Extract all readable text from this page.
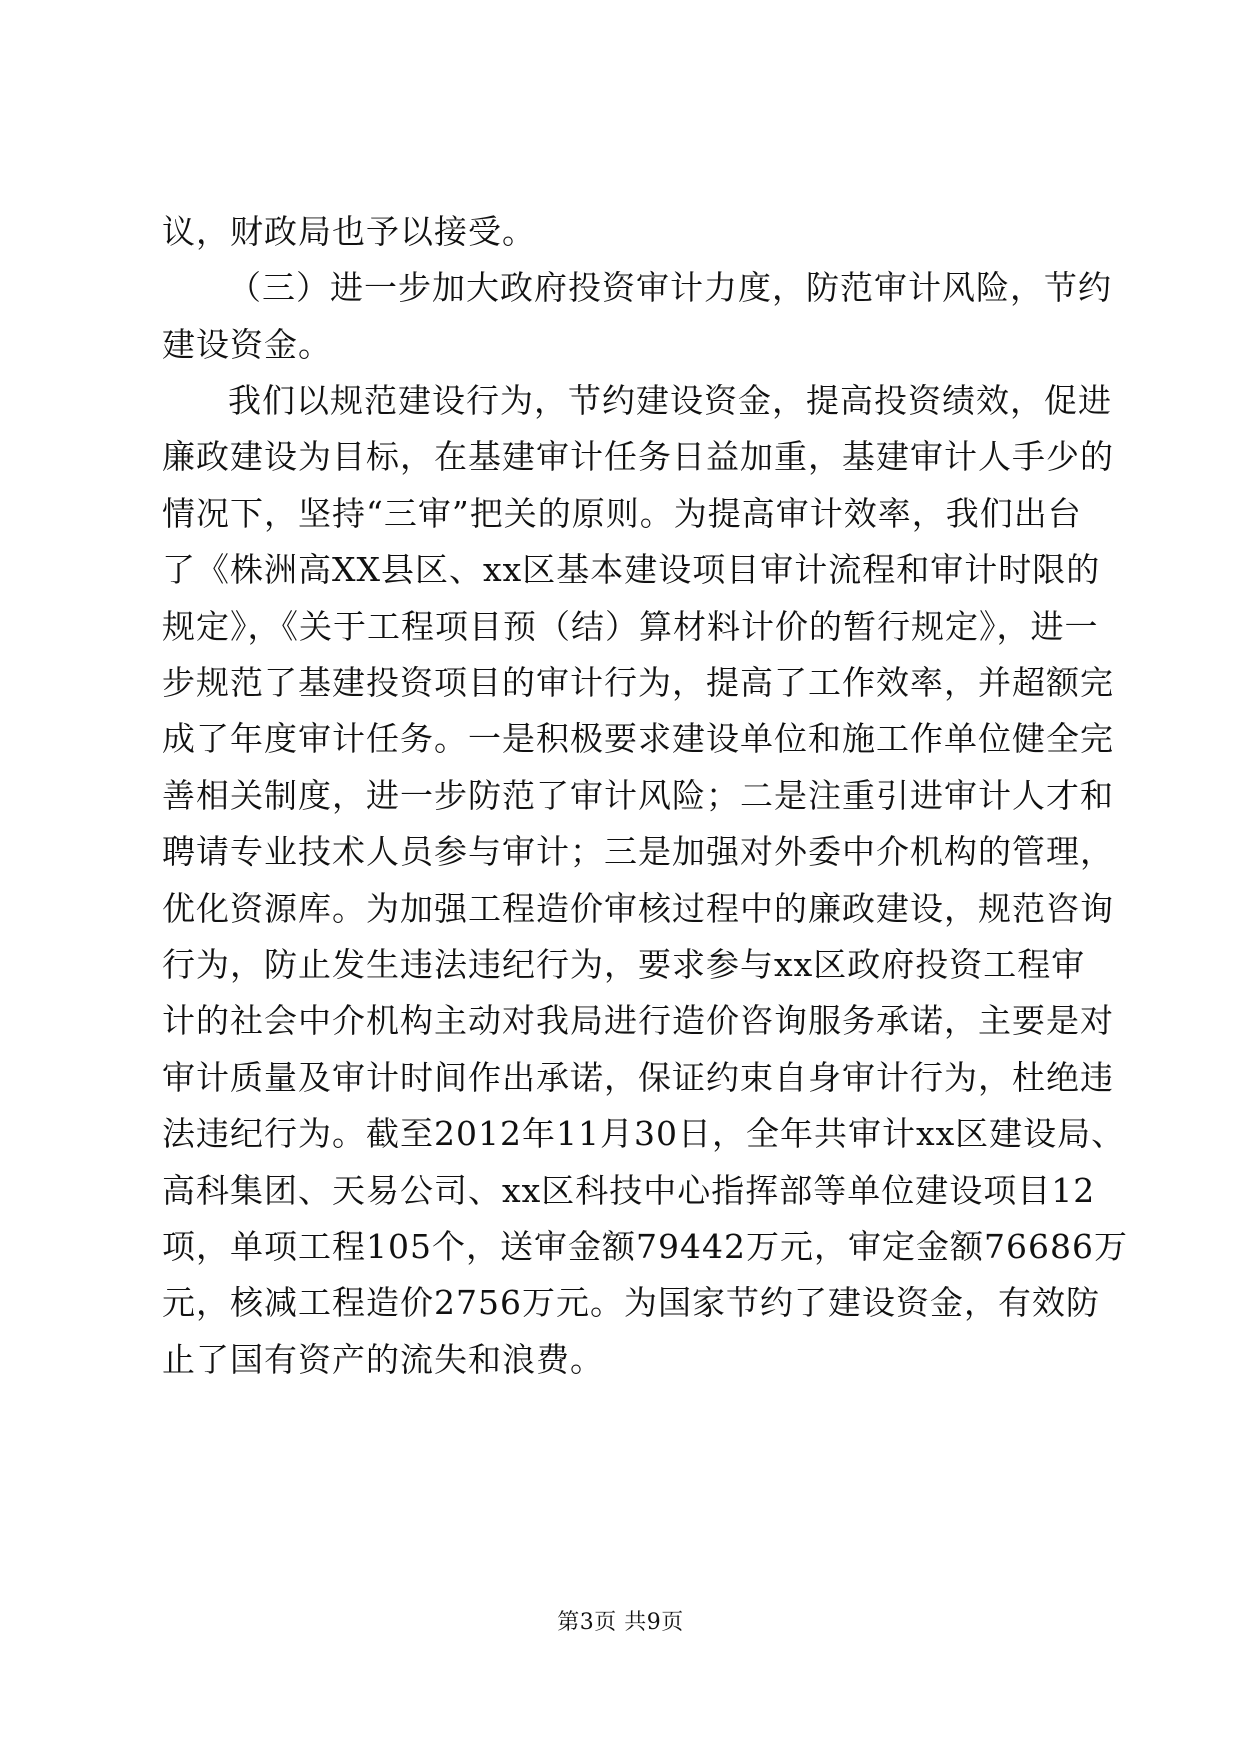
议，财政局也予以接受。
（三）进一步加大政府投资审计力度，防范审计风险，节约
建设资金。
我们以规范建设行为，节约建设资金，提高投资绩效，促进
廉政建设为目标，在基建审计任务日益加重，基建审计人手少的
情况下，坚持“三审”把关的原则。为提高审计效率，我们出台
了《株洲高XX县区、xx区基本建设项目审计流程和审计时限的
规定》，《关于工程项目预（结）算材料计价的暂行规定》，进一
步规范了基建投资项目的审计行为，提高了工作效率，并超额完
成了年度审计任务。一是积极要求建设单位和施工作单位健全完
善相关制度，进一步防范了审计风险；二是注重引进审计人才和
聘请专业技术人员参与审计；三是加强对外委中介机构的管理，
优化资源库。为加强工程造价审核过程中的廉政建设，规范咨询
行为，防止发生违法违纪行为，要求参与xx区政府投资工程审
计的社会中介机构主动对我局进行造价咨询服务承诺，主要是对
审计质量及审计时间作出承诺，保证约束自身审计行为，杜绝违
法违纪行为。截至2012年11月30日，全年共审计xx区建设局、
高科集团、天易公司、xx区科技中心指挥部等单位建设项目12
项，单项工程105个，送审金额79442万元，审定金额76686万
元，核减工程造价2756万元。为国家节约了建设资金，有效防
止了国有资产的流失和浪费。
第3页 共9页
